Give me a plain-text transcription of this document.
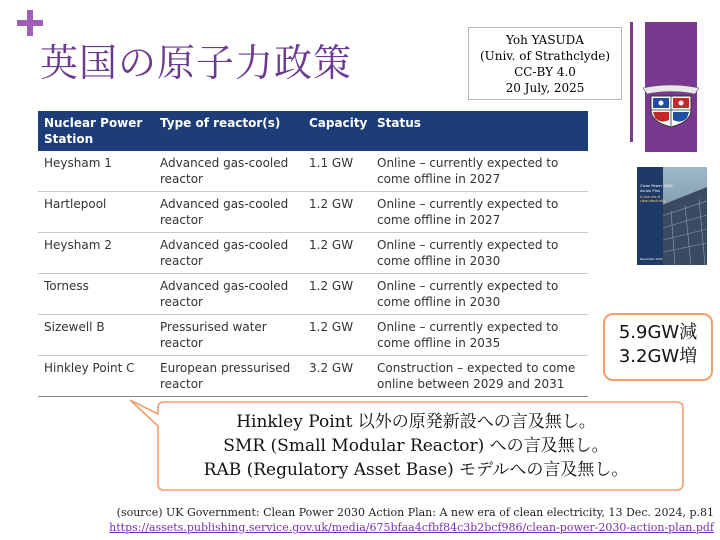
英国の原子力政策
Yoh YASUDA
(Univ. of Strathclyde)
CC-BY 4.0
20 July, 2025
Clean Power 2030
Action Plan
A new era of
clean electricity
December 2024
Nuclear Power Station	Type of reactor(s)	Capacity	Status
Heysham 1	Advanced gas-cooled reactor	1.1 GW	Online – currently expected to come offline in 2027
Hartlepool	Advanced gas-cooled reactor	1.2 GW	Online – currently expected to come offline in 2027
Heysham 2	Advanced gas-cooled reactor	1.2 GW	Online – currently expected to come offline in 2030
Torness	Advanced gas-cooled reactor	1.2 GW	Online – currently expected to come offline in 2030
Sizewell B	Pressurised water reactor	1.2 GW	Online – currently expected to come offline in 2035
Hinkley Point C	European pressurised reactor	3.2 GW	Construction – expected to come online between 2029 and 2031
5.9GW減
3.2GW増
Hinkley Point 以外の原発新設への言及無し。
SMR (Small Modular Reactor) への言及無し。
RAB (Regulatory Asset Base) モデルへの言及無し。
(source) UK Government: Clean Power 2030 Action Plan: A new era of clean electricity, 13 Dec. 2024, p.81
https://assets.publishing.service.gov.uk/media/675bfaa4cfbf84c3b2bcf986/clean-power-2030-action-plan.pdf
